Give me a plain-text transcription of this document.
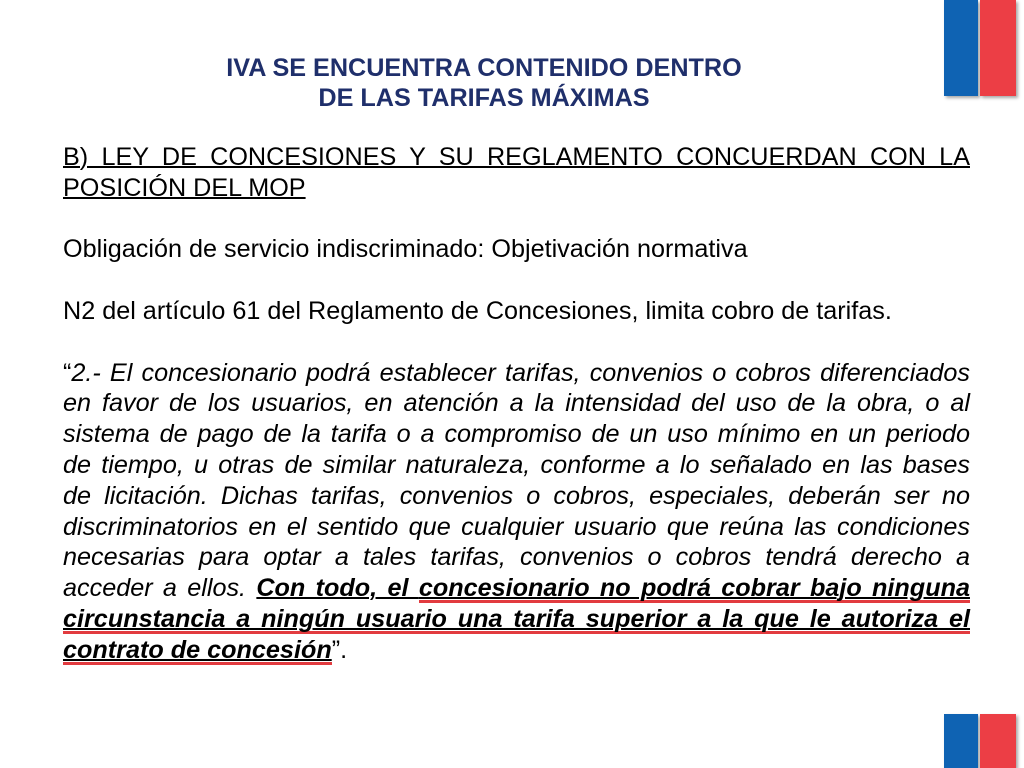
IVA SE ENCUENTRA CONTENIDO DENTRO
DE LAS TARIFAS MÁXIMAS
B) LEY DE CONCESIONES Y SU REGLAMENTO CONCUERDAN CON LA
POSICIÓN DEL MOP

Obligación de servicio indiscriminado: Objetivación normativa

N2 del artículo 61 del Reglamento de Concesiones, limita cobro de tarifas.

“2.- El concesionario podrá establecer tarifas, convenios o cobros diferenciados
en favor de los usuarios, en atención a la intensidad del uso de la obra, o al
sistema de pago de la tarifa o a compromiso de un uso mínimo en un periodo
de tiempo, u otras de similar naturaleza, conforme a lo señalado en las bases
de licitación. Dichas tarifas, convenios o cobros, especiales, deberán ser no
discriminatorios en el sentido que cualquier usuario que reúna las condiciones
necesarias para optar a tales tarifas, convenios o cobros tendrá derecho a
acceder a ellos. Con todo, el concesionario no podrá cobrar bajo ninguna
circunstancia a ningún usuario una tarifa superior a la que le autoriza el
contrato de concesión”.
